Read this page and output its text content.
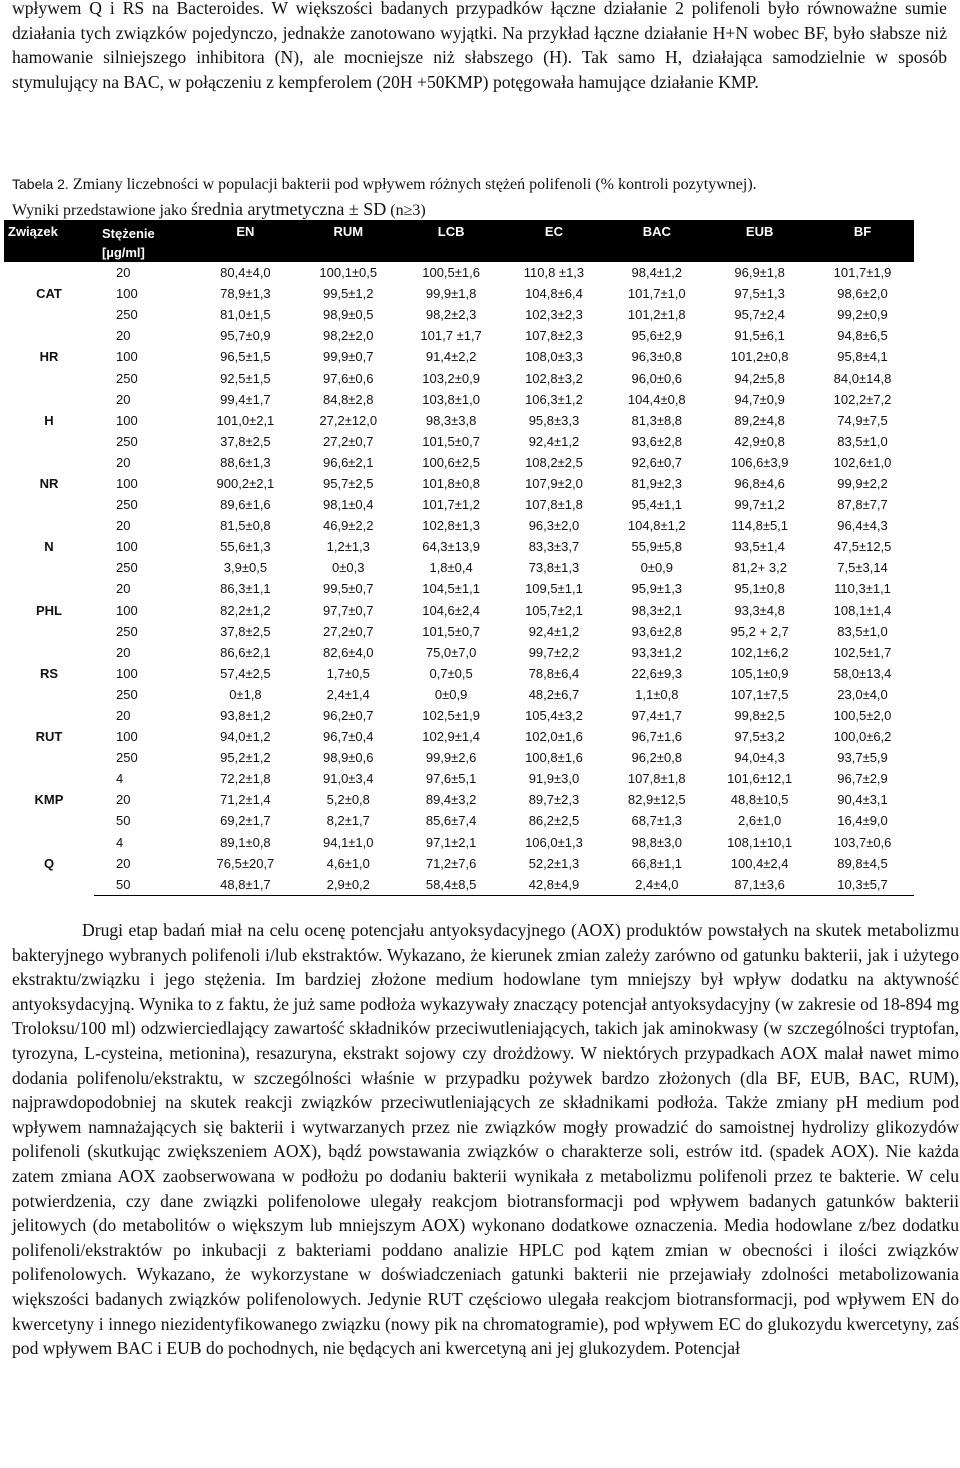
wpływem Q i RS na Bacteroides. W większości badanych przypadków łączne działanie 2 polifenoli było równoważne sumie działania tych związków pojedynczo, jednakże zanotowano wyjątki. Na przykład łączne działanie H+N wobec BF, było słabsze niż hamowanie silniejszego inhibitora (N), ale mocniejsze niż słabszego (H). Tak samo H, działająca samodzielnie w sposób stymulujący na BAC, w połączeniu z kempferolem (20H +50KMP) potęgowała hamujące działanie KMP.

Tabela 2. Zmiany liczebności w populacji bakterii pod wpływem różnych stężeń polifenoli (% kontroli pozytywnej).
Wyniki przedstawione jako średnia arytmetyczna ± SD (n≥3)
Związek	Stężenie [µg/ml]	EN	RUM	LCB	EC	BAC	EUB	BF
CAT	20	80,4±4,0	100,1±0,5	100,5±1,6	110,8 ±1,3	98,4±1,2	96,9±1,8	101,7±1,9
	100	78,9±1,3	99,5±1,2	99,9±1,8	104,8±6,4	101,7±1,0	97,5±1,3	98,6±2,0
	250	81,0±1,5	98,9±0,5	98,2±2,3	102,3±2,3	101,2±1,8	95,7±2,4	99,2±0,9
HR	20	95,7±0,9	98,2±2,0	101,7 ±1,7	107,8±2,3	95,6±2,9	91,5±6,1	94,8±6,5
	100	96,5±1,5	99,9±0,7	91,4±2,2	108,0±3,3	96,3±0,8	101,2±0,8	95,8±4,1
	250	92,5±1,5	97,6±0,6	103,2±0,9	102,8±3,2	96,0±0,6	94,2±5,8	84,0±14,8
H	20	99,4±1,7	84,8±2,8	103,8±1,0	106,3±1,2	104,4±0,8	94,7±0,9	102,2±7,2
	100	101,0±2,1	27,2±12,0	98,3±3,8	95,8±3,3	81,3±8,8	89,2±4,8	74,9±7,5
	250	37,8±2,5	27,2±0,7	101,5±0,7	92,4±1,2	93,6±2,8	42,9±0,8	83,5±1,0
NR	20	88,6±1,3	96,6±2,1	100,6±2,5	108,2±2,5	92,6±0,7	106,6±3,9	102,6±1,0
	100	900,2±2,1	95,7±2,5	101,8±0,8	107,9±2,0	81,9±2,3	96,8±4,6	99,9±2,2
	250	89,6±1,6	98,1±0,4	101,7±1,2	107,8±1,8	95,4±1,1	99,7±1,2	87,8±7,7
N	20	81,5±0,8	46,9±2,2	102,8±1,3	96,3±2,0	104,8±1,2	114,8±5,1	96,4±4,3
	100	55,6±1,3	1,2±1,3	64,3±13,9	83,3±3,7	55,9±5,8	93,5±1,4	47,5±12,5
	250	3,9±0,5	0±0,3	1,8±0,4	73,8±1,3	0±0,9	81,2+ 3,2	7,5±3,14
PHL	20	86,3±1,1	99,5±0,7	104,5±1,1	109,5±1,1	95,9±1,3	95,1±0,8	110,3±1,1
	100	82,2±1,2	97,7±0,7	104,6±2,4	105,7±2,1	98,3±2,1	93,3±4,8	108,1±1,4
	250	37,8±2,5	27,2±0,7	101,5±0,7	92,4±1,2	93,6±2,8	95,2 + 2,7	83,5±1,0
RS	20	86,6±2,1	82,6±4,0	75,0±7,0	99,7±2,2	93,3±1,2	102,1±6,2	102,5±1,7
	100	57,4±2,5	1,7±0,5	0,7±0,5	78,8±6,4	22,6±9,3	105,1±0,9	58,0±13,4
	250	0±1,8	2,4±1,4	0±0,9	48,2±6,7	1,1±0,8	107,1±7,5	23,0±4,0
RUT	20	93,8±1,2	96,2±0,7	102,5±1,9	105,4±3,2	97,4±1,7	99,8±2,5	100,5±2,0
	100	94,0±1,2	96,7±0,4	102,9±1,4	102,0±1,6	96,7±1,6	97,5±3,2	100,0±6,2
	250	95,2±1,2	98,9±0,6	99,9±2,6	100,8±1,6	96,2±0,8	94,0±4,3	93,7±5,9
KMP	4	72,2±1,8	91,0±3,4	97,6±5,1	91,9±3,0	107,8±1,8	101,6±12,1	96,7±2,9
	20	71,2±1,4	5,2±0,8	89,4±3,2	89,7±2,3	82,9±12,5	48,8±10,5	90,4±3,1
	50	69,2±1,7	8,2±1,7	85,6±7,4	86,2±2,5	68,7±1,3	2,6±1,0	16,4±9,0
Q	4	89,1±0,8	94,1±1,0	97,1±2,1	106,0±1,3	98,8±3,0	108,1±10,1	103,7±0,6
	20	76,5±20,7	4,6±1,0	71,2±7,6	52,2±1,3	66,8±1,1	100,4±2,4	89,8±4,5
	50	48,8±1,7	2,9±0,2	58,4±8,5	42,8±4,9	2,4±4,0	87,1±3,6	10,3±5,7

Drugi etap badań miał na celu ocenę potencjału antyoksydacyjnego (AOX) produktów powstałych na skutek metabolizmu bakteryjnego wybranych polifenoli i/lub ekstraktów. Wykazano, że kierunek zmian zależy zarówno od gatunku bakterii, jak i użytego ekstraktu/związku i jego stężenia. Im bardziej złożone medium hodowlane tym mniejszy był wpływ dodatku na aktywność antyoksydacyjną. Wynika to z faktu, że już same podłoża wykazywały znaczący potencjał antyoksydacyjny (w zakresie od 18-894 mg Troloksu/100 ml) odzwierciedlający zawartość składników przeciwutleniających, takich jak aminokwasy (w szczególności tryptofan, tyrozyna, L-cysteina, metionina), resazuryna, ekstrakt sojowy czy drożdżowy. W niektórych przypadkach AOX malał nawet mimo dodania polifenolu/ekstraktu, w szczególności właśnie w przypadku pożywek bardzo złożonych (dla BF, EUB, BAC, RUM), najprawdopodobniej na skutek reakcji związków przeciwutleniających ze składnikami podłoża. Także zmiany pH medium pod wpływem namnażających się bakterii i wytwarzanych przez nie związków mogły prowadzić do samoistnej hydrolizy glikozydów polifenoli (skutkując zwiększeniem AOX), bądź powstawania związków o charakterze soli, estrów itd. (spadek AOX). Nie każda zatem zmiana AOX zaobserwowana w podłożu po dodaniu bakterii wynikała z metabolizmu polifenoli przez te bakterie. W celu potwierdzenia, czy dane związki polifenolowe ulegały reakcjom biotransformacji pod wpływem badanych gatunków bakterii jelitowych (do metabolitów o większym lub mniejszym AOX) wykonano dodatkowe oznaczenia. Media hodowlane z/bez dodatku polifenoli/ekstraktów po inkubacji z bakteriami poddano analizie HPLC pod kątem zmian w obecności i ilości związków polifenolowych. Wykazano, że wykorzystane w doświadczeniach gatunki bakterii nie przejawiały zdolności metabolizowania większości badanych związków polifenolowych. Jedynie RUT częściowo ulegała reakcjom biotransformacji, pod wpływem EN do kwercetyny i innego niezidentyfikowanego związku (nowy pik na chromatogramie), pod wpływem EC do glukozydu kwercetyny, zaś pod wpływem BAC i EUB do pochodnych, nie będących ani kwercetyną ani jej glukozydem. Potencjał
